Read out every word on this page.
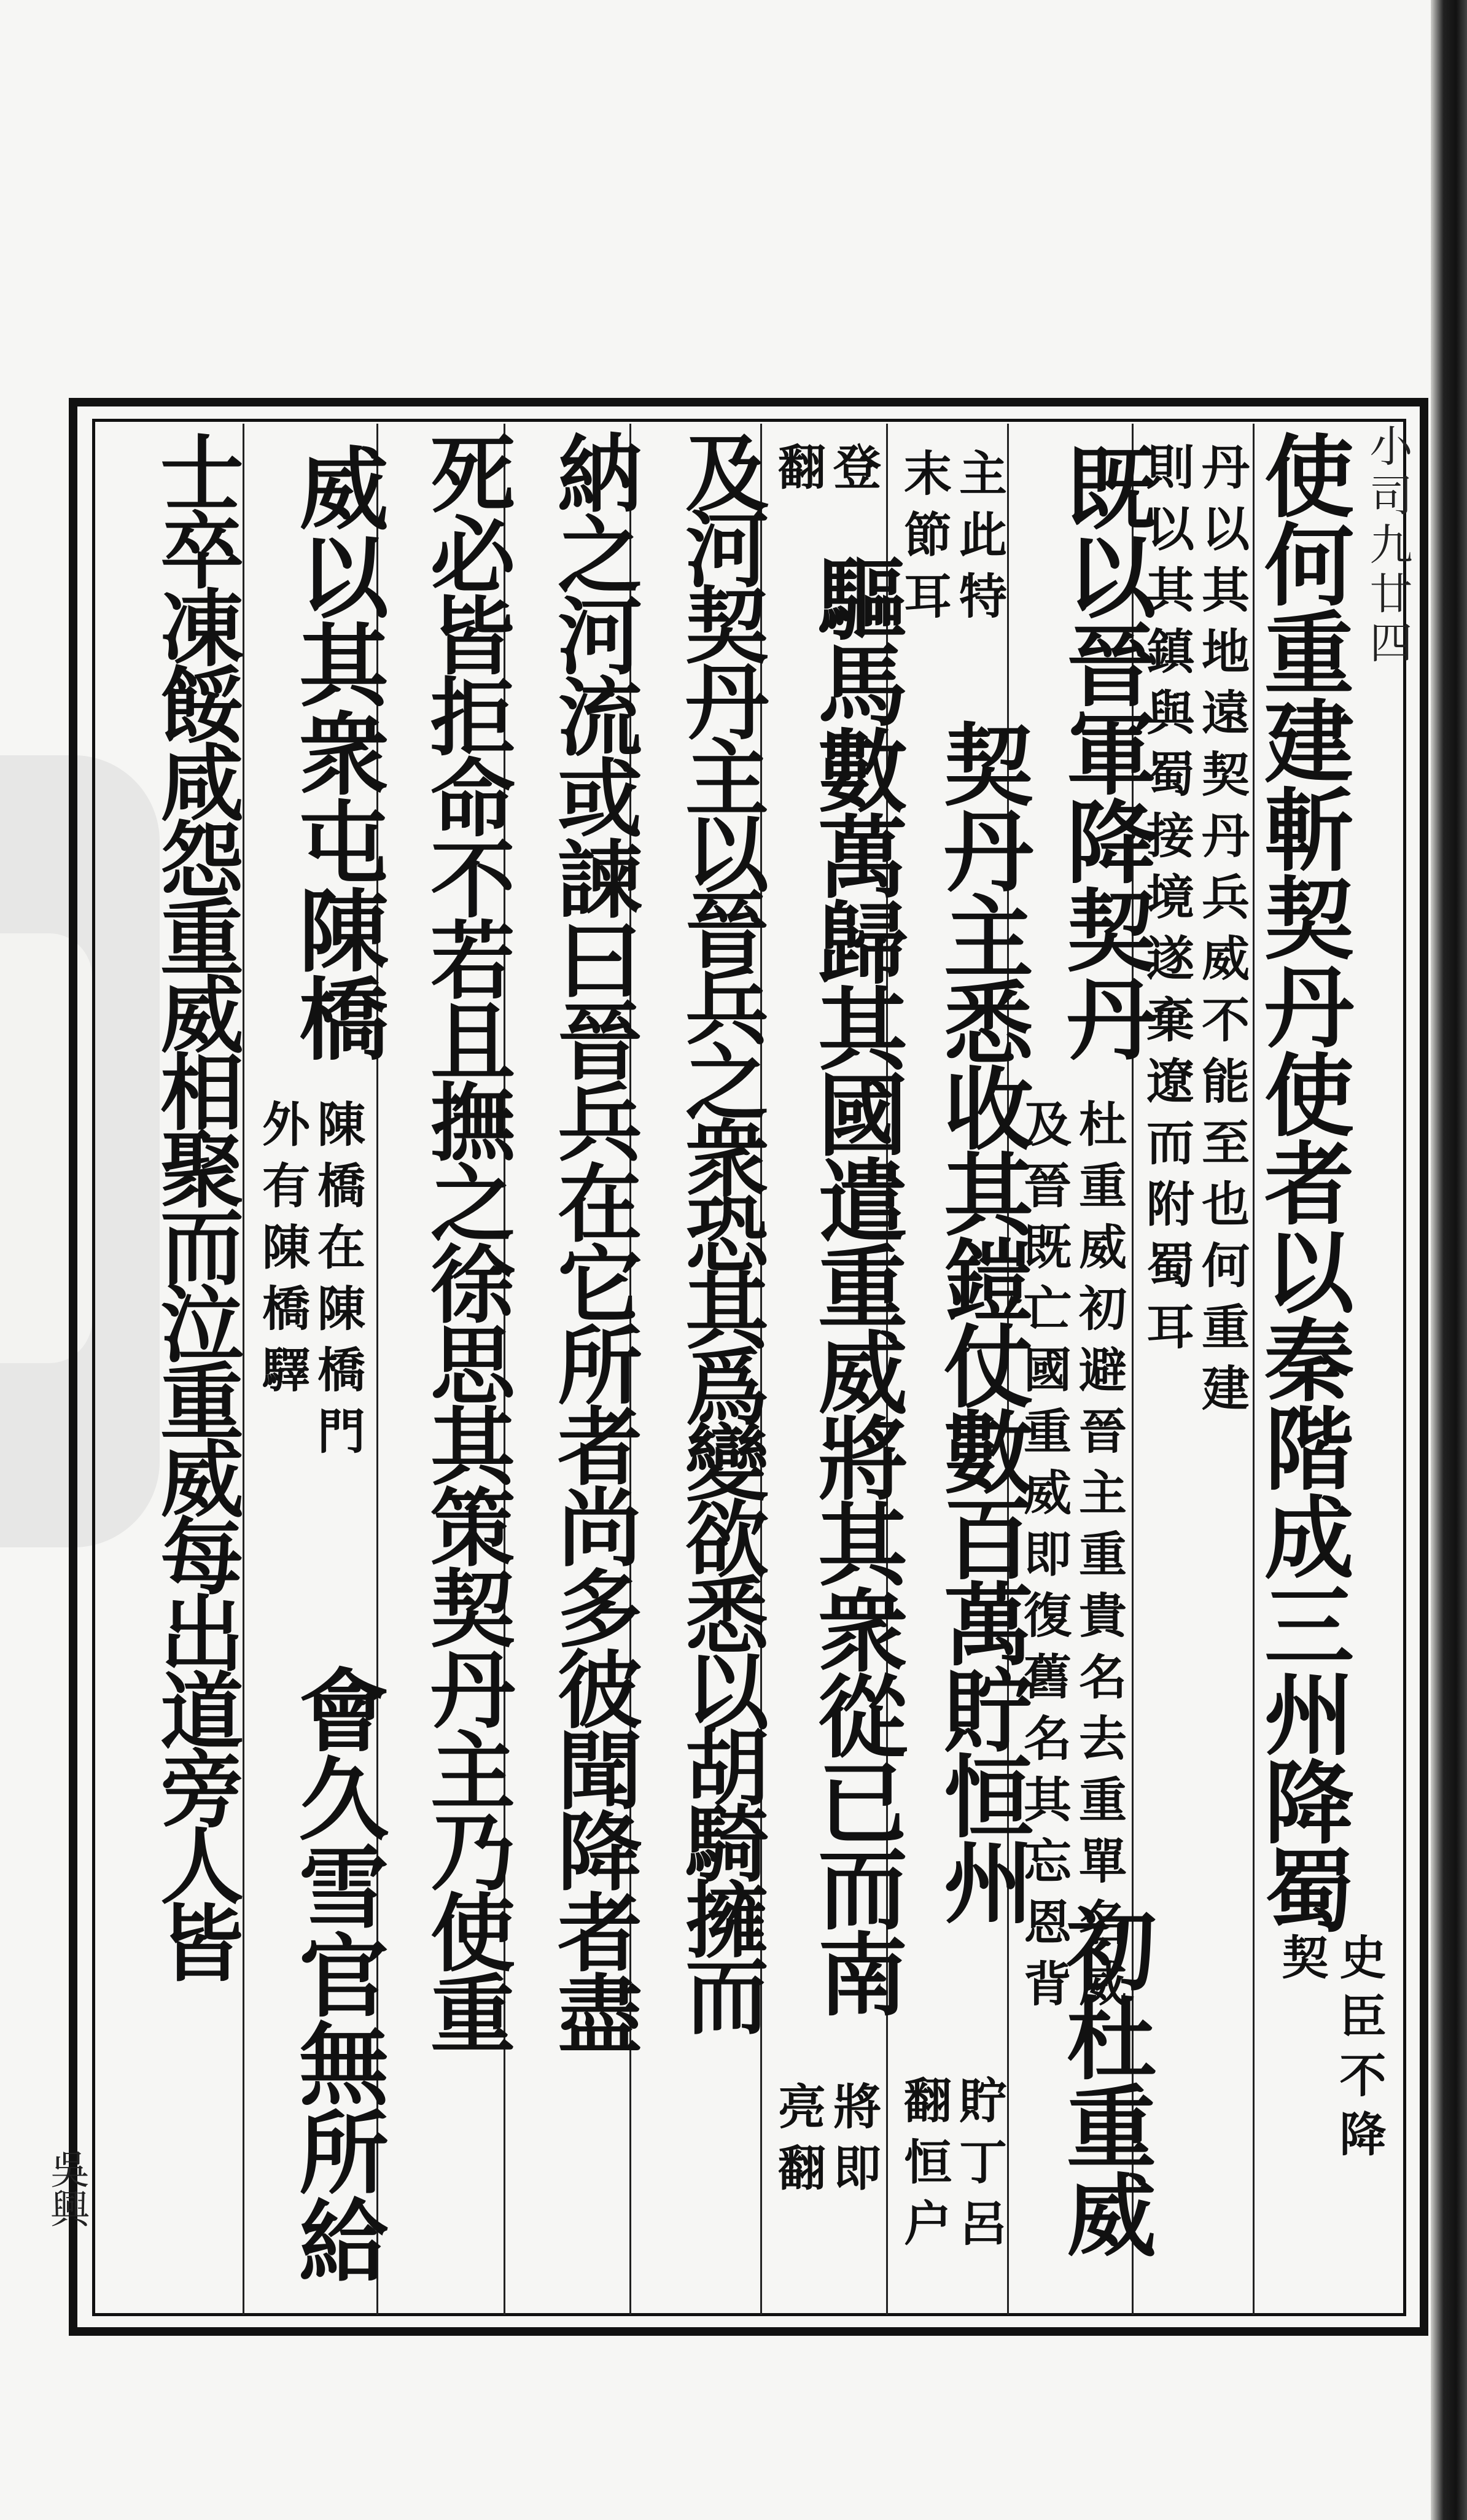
小司九廿四
使何重建斬契丹使者以秦階成三州降蜀史臣不降契
丹以其地遠契丹兵威不能至也何重建
則以其鎮與蜀接境遂棄遼而附蜀耳
既以晉軍降契丹
杜重威初避晉主重貴名去重單名威
及晉既亡國重威即復舊名其忘恩背
初杜重威
主此特
末節耳
契丹主悉收其鎧仗數百萬貯恒州
貯丁呂
翻恒户
登
翻
驅馬數萬歸其國遣重威將其衆從已而南
將即
亮翻
及河契丹主以晉兵之衆恐其爲變欲悉以胡騎擁而
納之河流或諫曰晉兵在它所者尚多彼聞降者盡
死必皆拒命不若且撫之徐思其策契丹主乃使重
威以其衆屯陳橋
陳橋在陳橋門
外有陳橋驛
會久雪官無所給
士卒凍餒咸怨重威相聚而泣重威每出道旁人皆
吳興
